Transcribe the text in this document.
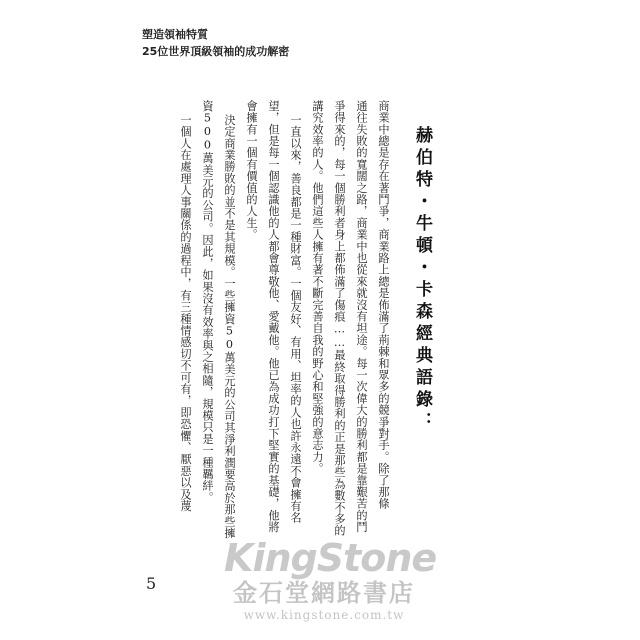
塑造領袖特質
25位世界頂級領袖的成功解密
赫伯特・牛頓・卡森經典語錄：
商業中總是存在著鬥爭，商業路上總是佈滿了荊棘和眾多的競爭對手。除了那條
通往失敗的寬闊之路，商業中也從來就沒有坦途。每一次偉大的勝利都是靠艱苦的鬥
爭得來的，每一個勝利者身上都佈滿了傷痕……最終取得勝利的正是那些為數不多的
講究效率的人。他們這些人擁有著不斷完善自我的野心和堅強的意志力。
一直以來，善良都是一種財富。一個友好、有用、坦率的人也許永遠不會擁有名
望，但是每一個認識他的人都會尊敬他、愛戴他。他已為成功打下堅實的基礎，他將
會擁有一個有價值的人生。
決定商業勝敗的並不是其規模。一些擁資50萬美元的公司其淨利潤要高於那些擁
資500萬美元的公司。因此，如果沒有效率與之相隨，規模只是一種羈絆。
一個人在處理人事關係的過程中，有三種情感切不可有，即恐懼、厭惡以及蔑
5
KingStone
金石堂網路書店
www.kingstone.com.tw
